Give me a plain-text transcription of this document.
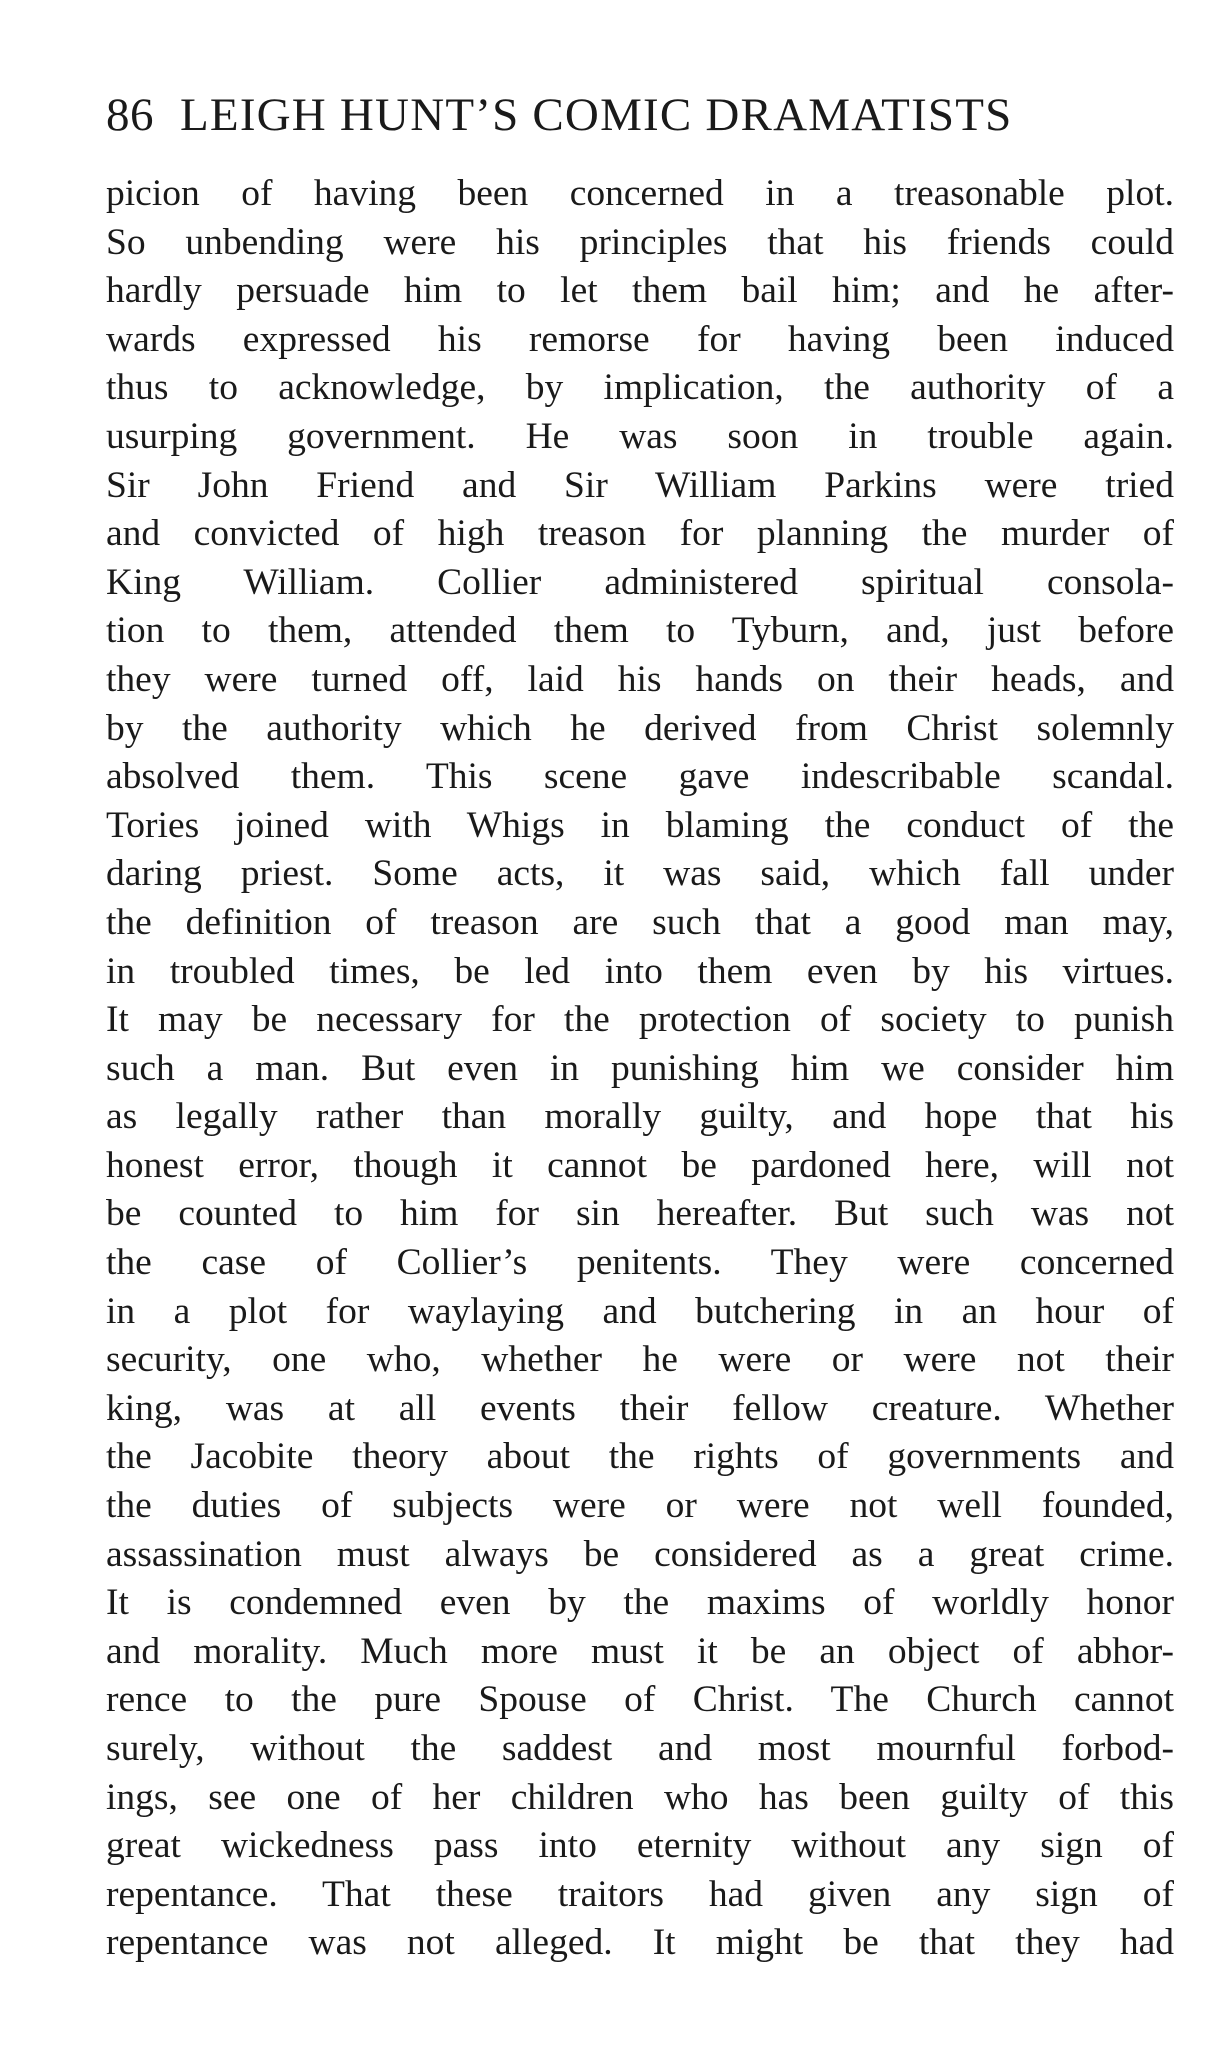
86 LEIGH HUNT’S COMIC DRAMATISTS
picion of having been concerned in a treasonable plot.
So unbending were his principles that his friends could
hardly persuade him to let them bail him; and he after-
wards expressed his remorse for having been induced
thus to acknowledge, by implication, the authority of a
usurping government. He was soon in trouble again.
Sir John Friend and Sir William Parkins were tried
and convicted of high treason for planning the murder of
King William. Collier administered spiritual consola-
tion to them, attended them to Tyburn, and, just before
they were turned off, laid his hands on their heads, and
by the authority which he derived from Christ solemnly
absolved them. This scene gave indescribable scandal.
Tories joined with Whigs in blaming the conduct of the
daring priest. Some acts, it was said, which fall under
the definition of treason are such that a good man may,
in troubled times, be led into them even by his virtues.
It may be necessary for the protection of society to punish
such a man. But even in punishing him we consider him
as legally rather than morally guilty, and hope that his
honest error, though it cannot be pardoned here, will not
be counted to him for sin hereafter. But such was not
the case of Collier’s penitents. They were concerned
in a plot for waylaying and butchering in an hour of
security, one who, whether he were or were not their
king, was at all events their fellow creature. Whether
the Jacobite theory about the rights of governments and
the duties of subjects were or were not well founded,
assassination must always be considered as a great crime.
It is condemned even by the maxims of worldly honor
and morality. Much more must it be an object of abhor-
rence to the pure Spouse of Christ. The Church cannot
surely, without the saddest and most mournful forbod-
ings, see one of her children who has been guilty of this
great wickedness pass into eternity without any sign of
repentance. That these traitors had given any sign of
repentance was not alleged. It might be that they had
